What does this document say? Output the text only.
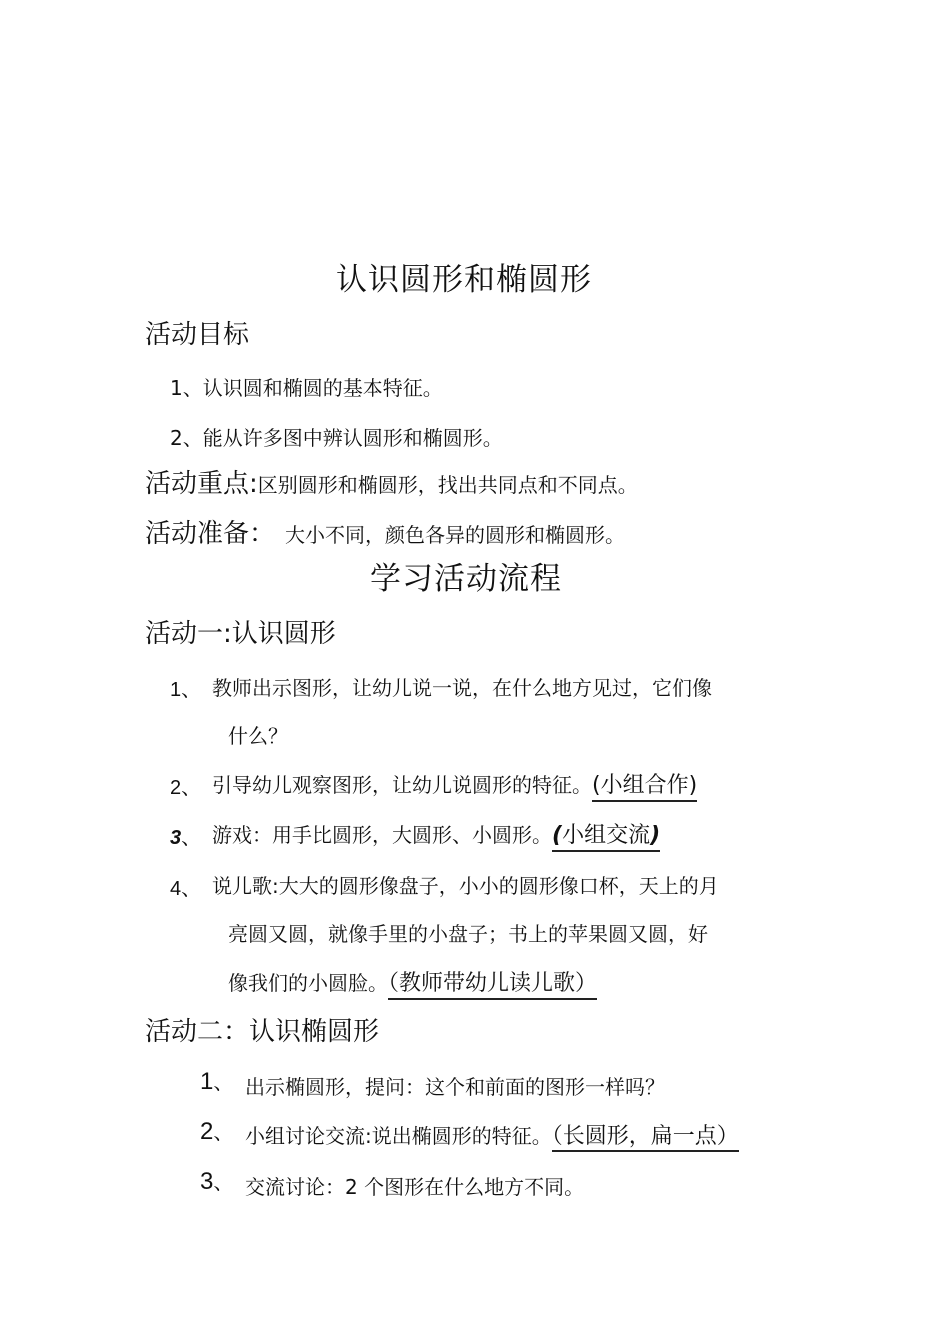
认识圆形和椭圆形
活动目标
1、认识圆和椭圆的基本特征。
2、能从许多图中辨认圆形和椭圆形。
活动重点:区别圆形和椭圆形，找出共同点和不同点。
活动准备： 大小不同，颜色各异的圆形和椭圆形。
学习活动流程
活动一:认识圆形
1、 教师出示图形，让幼儿说一说，在什么地方见过，它们像
什么？
2、 引导幼儿观察图形，让幼儿说圆形的特征。(小组合作)
3、 游戏：用手比圆形，大圆形、小圆形。(小组交流)
4、 说儿歌:大大的圆形像盘子，小小的圆形像口杯，天上的月
亮圆又圆，就像手里的小盘子；书上的苹果圆又圆，好
像我们的小圆脸。（教师带幼儿读儿歌）
活动二：认识椭圆形
1、 出示椭圆形，提问：这个和前面的图形一样吗？
2、 小组讨论交流:说出椭圆形的特征。（长圆形，扁一点）
3、 交流讨论：2 个图形在什么地方不同。
